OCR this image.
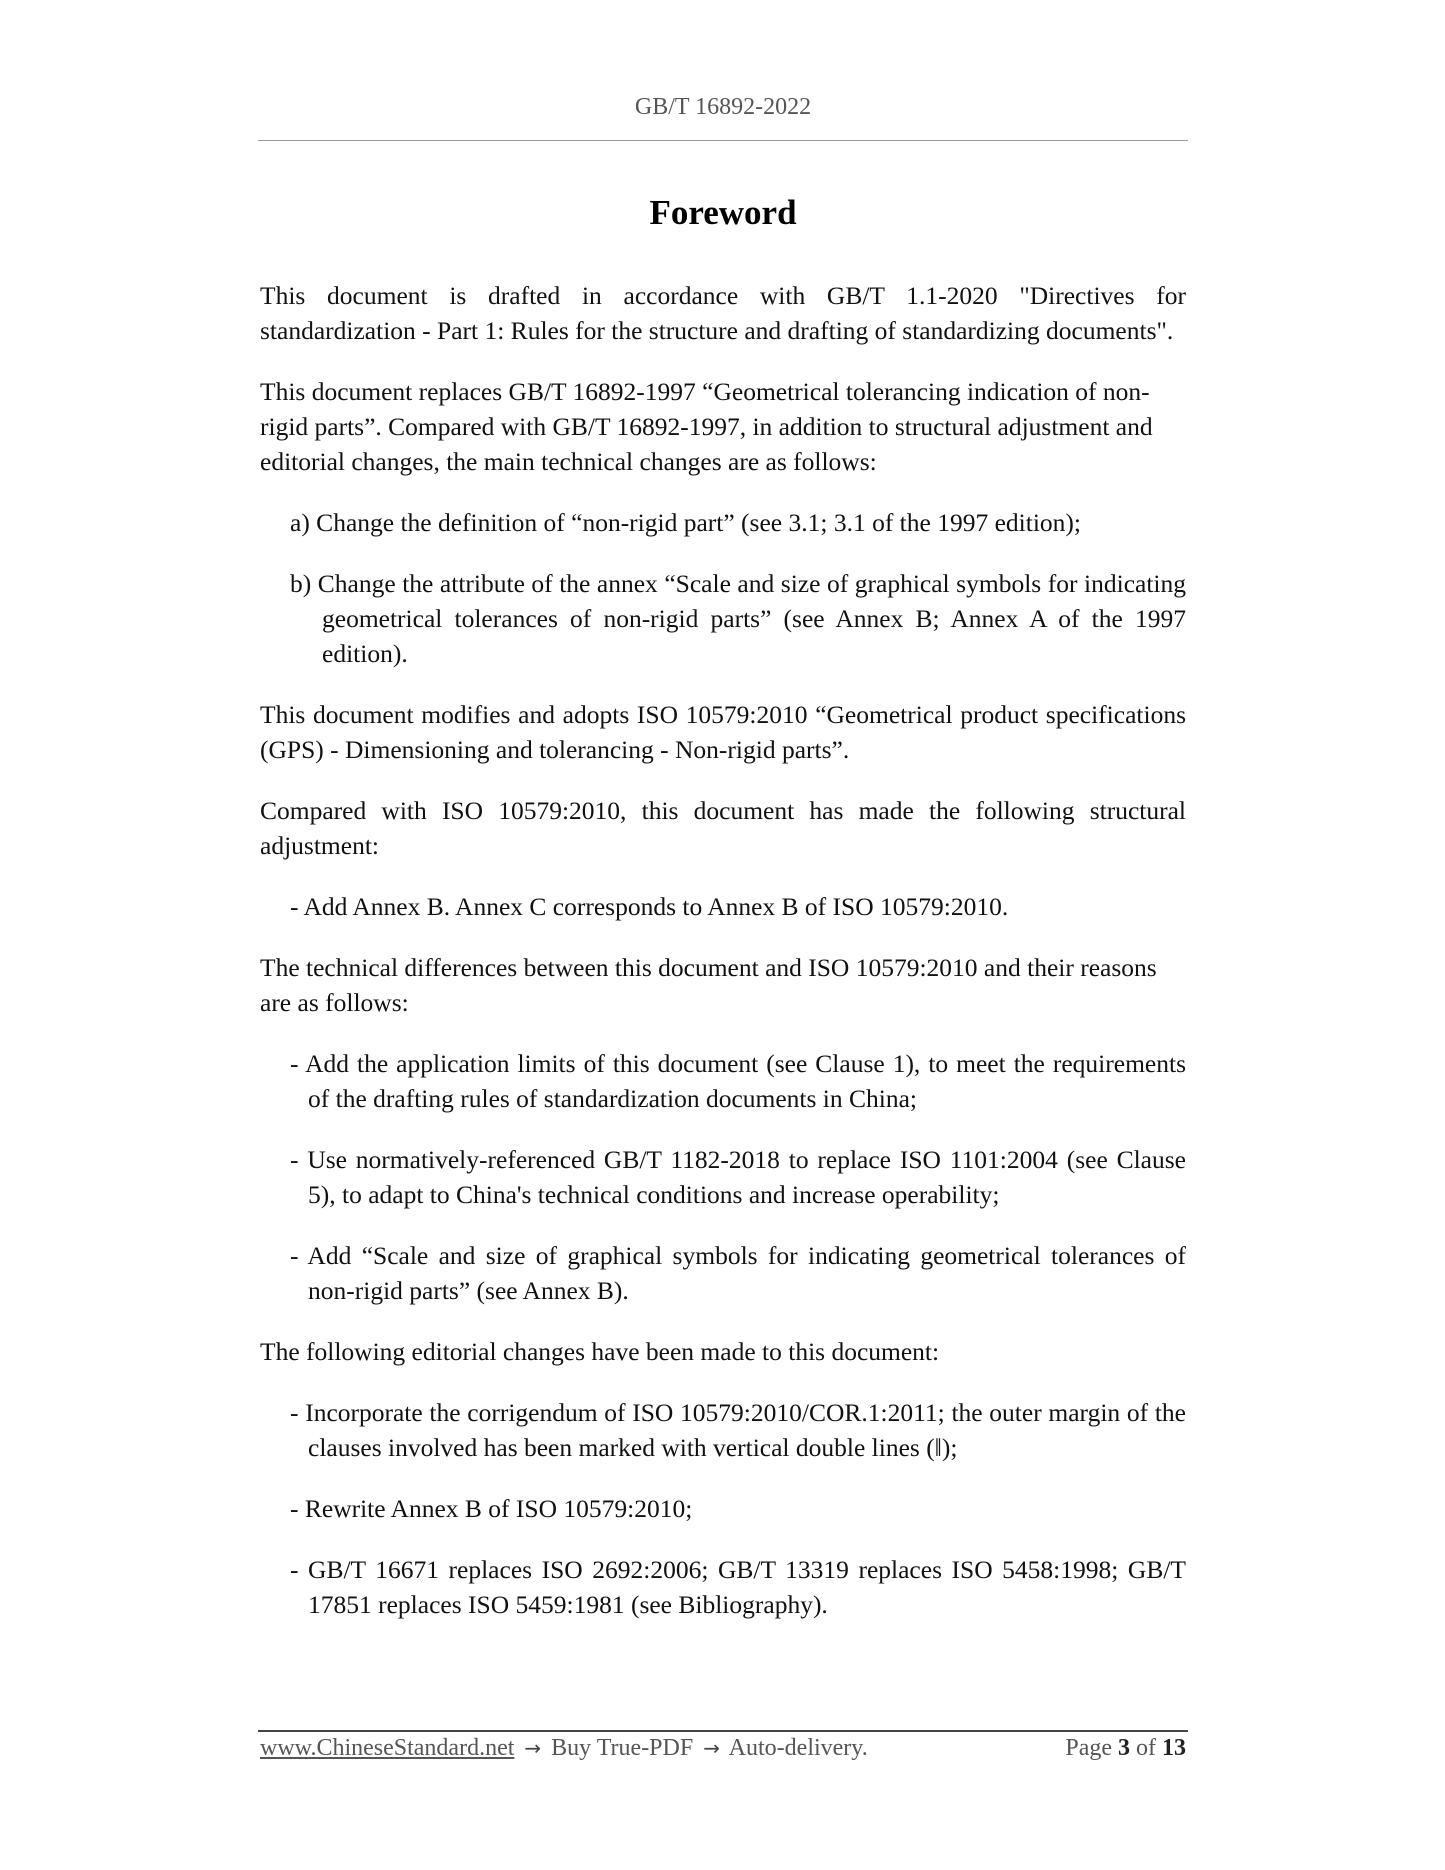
GB/T 16892-2022
Foreword

This document is drafted in accordance with GB/T 1.1-2020 "Directives for standardization - Part 1: Rules for the structure and drafting of standardizing documents".

This document replaces GB/T 16892-1997 “Geometrical tolerancing indication of non-rigid parts”. Compared with GB/T 16892-1997, in addition to structural adjustment and editorial changes, the main technical changes are as follows:

a) Change the definition of “non-rigid part” (see 3.1; 3.1 of the 1997 edition);

b) Change the attribute of the annex “Scale and size of graphical symbols for indicating geometrical tolerances of non-rigid parts” (see Annex B; Annex A of the 1997 edition).

This document modifies and adopts ISO 10579:2010 “Geometrical product specifications (GPS) - Dimensioning and tolerancing - Non-rigid parts”.

Compared with ISO 10579:2010, this document has made the following structural adjustment:

- Add Annex B. Annex C corresponds to Annex B of ISO 10579:2010.

The technical differences between this document and ISO 10579:2010 and their reasons are as follows:

- Add the application limits of this document (see Clause 1), to meet the requirements of the drafting rules of standardization documents in China;

- Use normatively-referenced GB/T 1182-2018 to replace ISO 1101:2004 (see Clause 5), to adapt to China's technical conditions and increase operability;

- Add “Scale and size of graphical symbols for indicating geometrical tolerances of non-rigid parts” (see Annex B).

The following editorial changes have been made to this document:

- Incorporate the corrigendum of ISO 10579:2010/COR.1:2011; the outer margin of the clauses involved has been marked with vertical double lines (‖);

- Rewrite Annex B of ISO 10579:2010;

- GB/T 16671 replaces ISO 2692:2006; GB/T 13319 replaces ISO 5458:1998; GB/T 17851 replaces ISO 5459:1981 (see Bibliography).

www.ChineseStandard.net → Buy True-PDF → Auto-delivery.	Page 3 of 13
